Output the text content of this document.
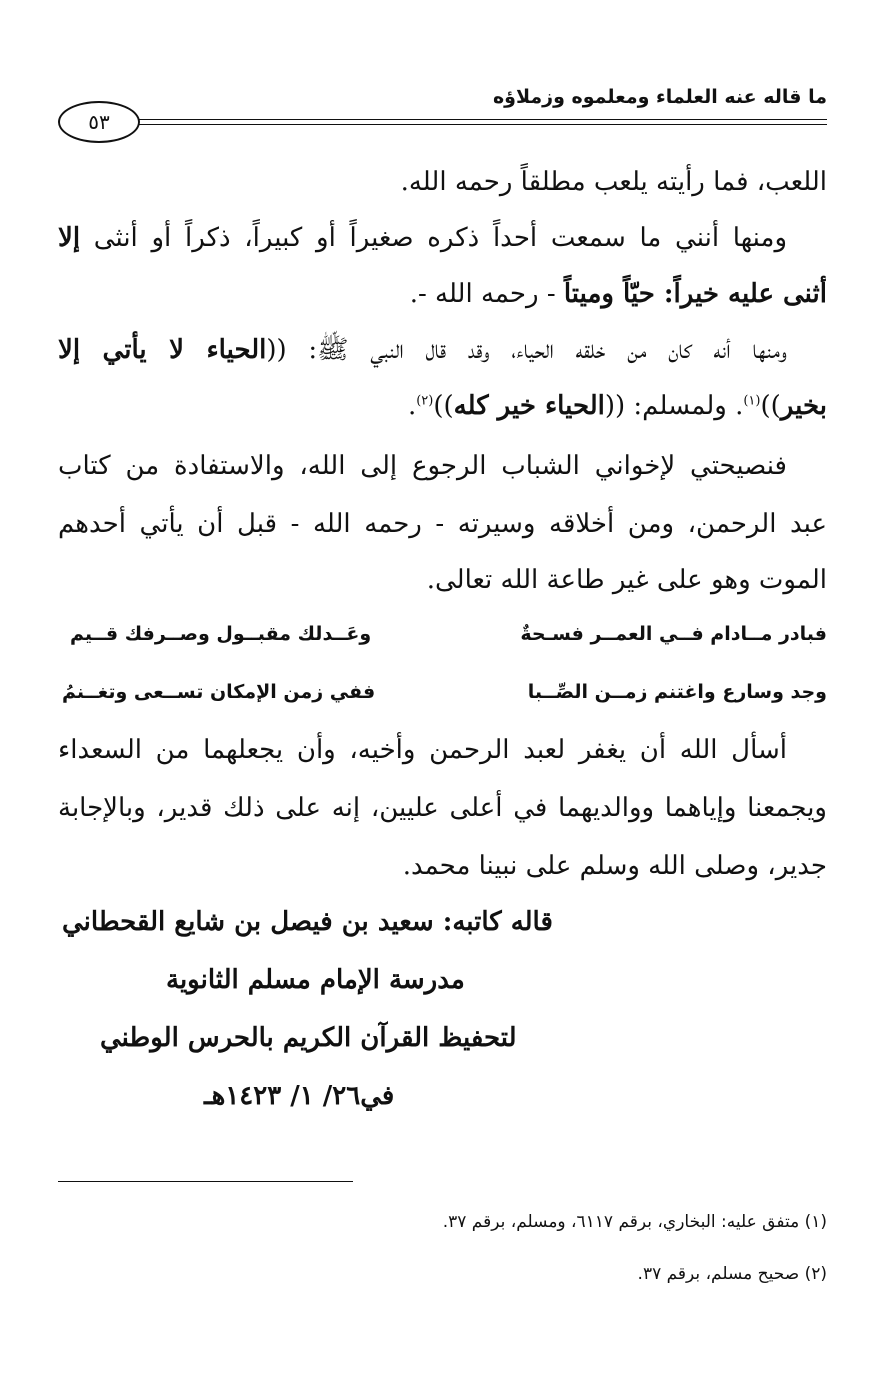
ما قاله عنه العلماء ومعلموه وزملاؤه
٥٣
اللعب، فما رأيته يلعب مطلقاً رحمه الله.
ومنها أنني ما سمعت أحداً ذكره صغيراً أو كبيراً، ذكراً أو أنثى إلا
أثنى عليه خيراً: حيّاً وميتاً - رحمه الله -.
ومنها أنه كان من خلقه الحياء، وقد قال النبي ﷺ: ((الحياء لا يأتي إلا
بخير))$^{(١)}$. ولمسلم: ((الحياء خير كله))$^{(٢)}$.
فنصيحتي لإخواني الشباب الرجوع إلى الله، والاستفادة من كتاب
عبد الرحمن، ومن أخلاقه وسيرته - رحمه الله - قبل أن يأتي أحدهم
الموت وهو على غير طاعة الله تعالى.
فبادر مــادام فــي العمــر فسـحةٌ
وعَــدلك مقبــول وصــرفك قــيم
وجد وسارع واغتنم زمــن الصِّــبا
ففي زمن الإمكان تســعى وتغــنمُ
أسأل الله أن يغفر لعبد الرحمن وأخيه، وأن يجعلهما من السعداء
ويجمعنا وإياهما ووالديهما في أعلى عليين، إنه على ذلك قدير، وبالإجابة
جدير، وصلى الله وسلم على نبينا محمد.
قاله كاتبه: سعيد بن فيصل بن شايع القحطاني
مدرسة الإمام مسلم الثانوية
لتحفيظ القرآن الكريم بالحرس الوطني
في٢٦/ ١/ ١٤٢٣هـ
(١) متفق عليه: البخاري، برقم ٦١١٧، ومسلم، برقم ٣٧.
(٢) صحيح مسلم، برقم ٣٧.
